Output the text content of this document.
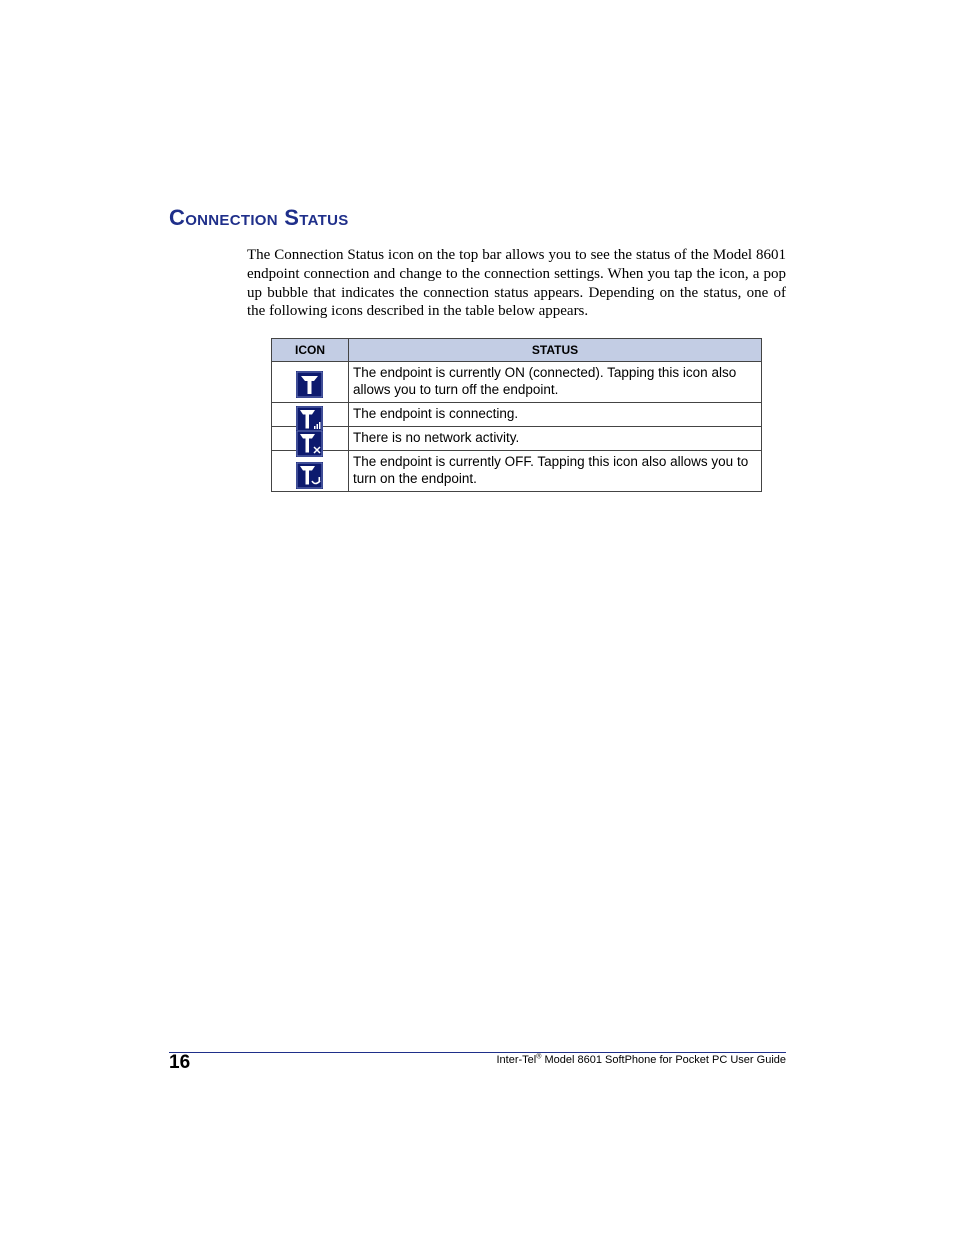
Connection Status

The Connection Status icon on the top bar allows you to see the status of the Model 8601 endpoint connection and change to the connection settings. When you tap the icon, a pop up bubble that indicates the connection status appears. Depending on the status, one of the following icons described in the table below appears.

ICON	STATUS

	The endpoint is currently ON (connected). Tapping this icon also allows you to turn off the endpoint.

	The endpoint is connecting.

	There is no network activity.

	The endpoint is currently OFF. Tapping this icon also allows you to turn on the endpoint.
16	Inter-Tel® Model 8601 SoftPhone for Pocket PC User Guide
